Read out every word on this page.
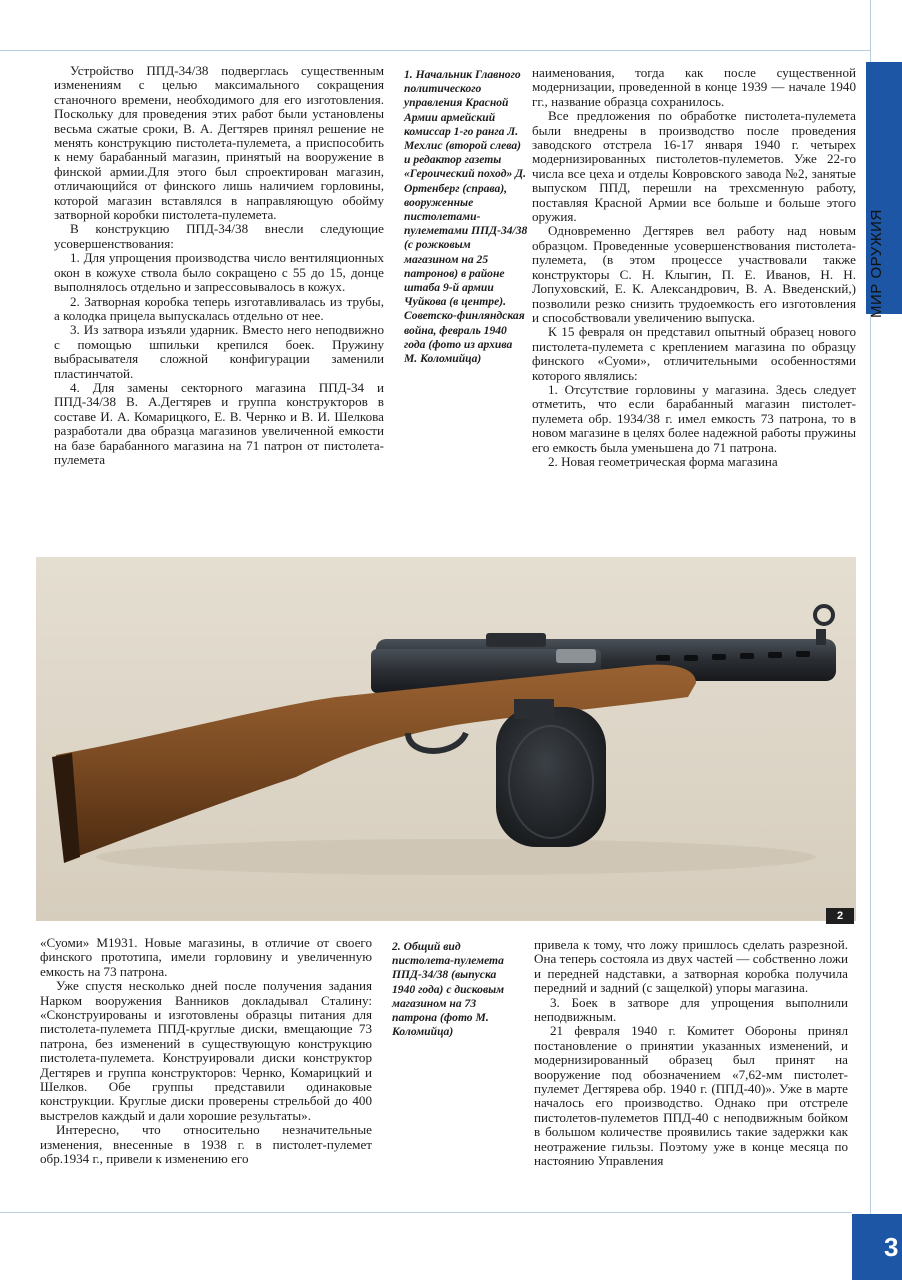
МИР ОРУЖИЯ

Устройство ППД-34/38 подверглась существенным изменениям с целью максимального сокращения станочного времени, необходимого для его изготовления. Поскольку для проведения этих работ были установлены весьма сжатые сроки, В. А. Дегтярев принял решение не менять конструкцию пистолета-пулемета, а приспособить к нему барабанный магазин, принятый на вооружение в финской армии.Для этого был спроектирован магазин, отличающийся от финского лишь наличием горловины, которой магазин вставлялся в направляющую обойму затворной коробки пистолета-пулемета.

В конструкцию ППД-34/38 внесли следующие усовершенствования:

1. Для упрощения производства число вентиляционных окон в кожухе ствола было сокращено с 55 до 15, донце выполнялось отдельно и запрессовывалось в кожух.

2. Затворная коробка теперь изготавливалась из трубы, а колодка прицела выпускалась отдельно от нее.

3. Из затвора изъяли ударник. Вместо него неподвижно с помощью шпильки крепился боек. Пружину выбрасывателя сложной конфигурации заменили пластинчатой.

4. Для замены секторного магазина ППД-34 и ППД-34/38 В. А.Дегтярев и группа конструкторов в составе И. А. Комарицкого, Е. В. Чернко и В. И. Шелкова разработали два образца магазинов увеличенной емкости на базе барабанного магазина на 71 патрон от пистолета-пулемета

1. Начальник Главного политического управления Красной Армии армейский комиссар 1-го ранга Л. Мехлис (второй слева) и редактор газеты «Героический поход» Д. Ортенберг (справа), вооруженные пистолетами-пулеметами ППД-34/38 (с рожковым магазином на 25 патронов) в районе штаба 9-й армии Чуйкова (в центре). Советско-финляндская война, февраль 1940 года (фото из архива М. Коломийца)

наименования, тогда как после существенной модернизации, проведенной в конце 1939 — начале 1940 гг., название образца сохранилось.

Все предложения по обработке пистолета-пулемета были внедрены в производство после проведения заводского отстрела 16-17 января 1940 г. четырех модернизированных пистолетов-пулеметов. Уже 22-го числа все цеха и отделы Ковровского завода №2, занятые выпуском ППД, перешли на трехсменную работу, поставляя Красной Армии все больше и больше этого оружия.

Одновременно Дегтярев вел работу над новым образцом. Проведенные усовершенствования пистолета-пулемета, (в этом процессе участвовали также конструкторы С. Н. Клыгин, П. Е. Иванов, Н. Н. Лопуховский, Е. К. Александрович, В. А. Введенский,) позволили резко снизить трудоемкость его изготовления и способствовали увеличению выпуска.

К 15 февраля он представил опытный образец нового пистолета-пулемета с креплением магазина по образцу финского «Суоми», отличительными особенностями которого являлись:

1. Отсутствие горловины у магазина. Здесь следует отметить, что если барабанный магазин пистолет-пулемета обр. 1934/38 г. имел емкость 73 патрона, то в новом магазине в целях более надежной работы пружины его емкость была уменьшена до 71 патрона.

2. Новая геометрическая форма магазина

2

«Суоми» М1931. Новые магазины, в отличие от своего финского прототипа, имели горловину и увеличенную емкость на 73 патрона.

Уже спустя несколько дней после получения задания Нарком вооружения Ванников докладывал Сталину: «Сконструированы и изготовлены образцы питания для пистолета-пулемета ППД-круглые диски, вмещающие 73 патрона, без изменений в существующую конструкцию пистолета-пулемета. Конструировали диски конструктор Дегтярев и группа конструкторов: Чернко, Комарицкий и Шелков. Обе группы представили одинаковые конструкции. Круглые диски проверены стрельбой до 400 выстрелов каждый и дали хорошие результаты».

Интересно, что относительно незначительные изменения, внесенные в 1938 г. в пистолет-пулемет обр.1934 г., привели к изменению его

2. Общий вид пистолета-пулемета ППД-34/38 (выпуска 1940 года) с дисковым магазином на 73 патрона (фото М. Коломийца)

привела к тому, что ложу пришлось сделать разрезной. Она теперь состояла из двух частей — собственно ложи и передней надставки, а затворная коробка получила передний и задний (с защелкой) упоры магазина.

3. Боек в затворе для упрощения выполнили неподвижным.

21 февраля 1940 г. Комитет Обороны принял постановление о принятии указанных изменений, и модернизированный образец был принят на вооружение под обозначением «7,62-мм пистолет-пулемет Дегтярева обр. 1940 г. (ППД-40)». Уже в марте началось его производство. Однако при отстреле пистолетов-пулеметов ППД-40 с неподвижным бойком в большом количестве проявились такие задержки как неотражение гильзы. Поэтому уже в конце месяца по настоянию Управления

3
